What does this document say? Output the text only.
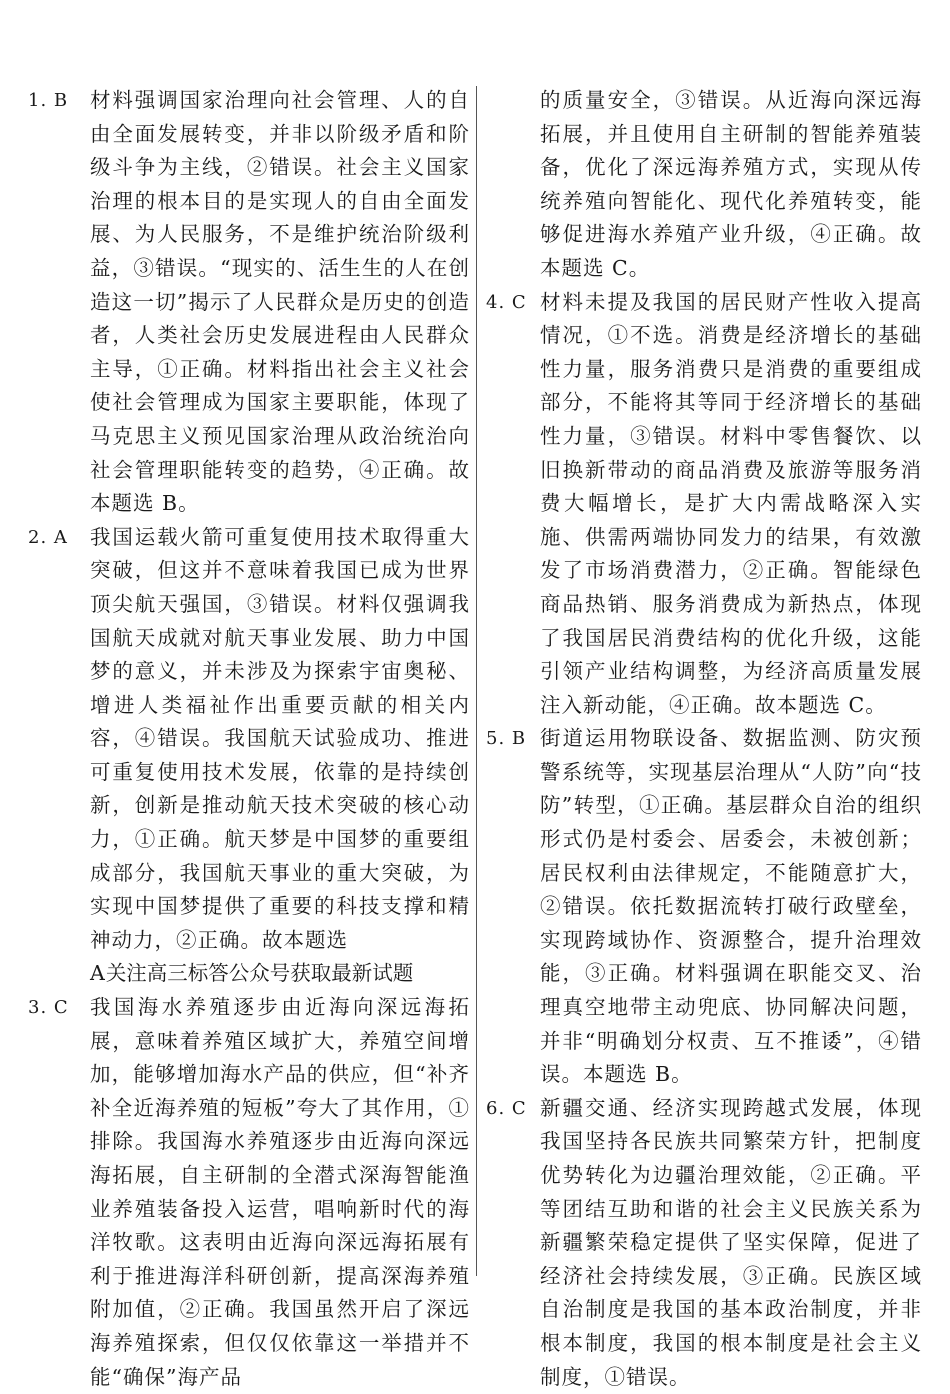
1. B 材料强调国家治理向社会管理、人的自由全面发展转变，并非以阶级矛盾和阶级斗争为主线，②错误。社会主义国家治理的根本目的是实现人的自由全面发展、为人民服务，不是维护统治阶级利益，③错误。“现实的、活生生的人在创造这一切”揭示了人民群众是历史的创造者，人类社会历史发展进程由人民群众主导，①正确。材料指出社会主义社会使社会管理成为国家主要职能，体现了马克思主义预见国家治理从政治统治向社会管理职能转变的趋势，④正确。故本题选 B。
2. A 我国运载火箭可重复使用技术取得重大突破，但这并不意味着我国已成为世界顶尖航天强国，③错误。材料仅强调我国航天成就对航天事业发展、助力中国梦的意义，并未涉及为探索宇宙奥秘、增进人类福祉作出重要贡献的相关内容，④错误。我国航天试验成功、推进可重复使用技术发展，依靠的是持续创新，创新是推动航天技术突破的核心动力，①正确。航天梦是中国梦的重要组成部分，我国航天事业的重大突破，为实现中国梦提供了重要的科技支撑和精神动力，②正确。故本题选
A关注高三标答公众号获取最新试题
3. C 我国海水养殖逐步由近海向深远海拓展，意味着养殖区域扩大，养殖空间增加，能够增加海水产品的供应，但“补齐补全近海养殖的短板”夸大了其作用，①排除。我国海水养殖逐步由近海向深远海拓展，自主研制的全潜式深海智能渔业养殖装备投入运营，唱响新时代的海洋牧歌。这表明由近海向深远海拓展有利于推进海洋科研创新，提高深海养殖附加值，②正确。我国虽然开启了深远海养殖探索，但仅仅依靠这一举措并不能“确保”海产品
的质量安全，③错误。从近海向深远海拓展，并且使用自主研制的智能养殖装备，优化了深远海养殖方式，实现从传统养殖向智能化、现代化养殖转变，能够促进海水养殖产业升级，④正确。故本题选 C。
4. C 材料未提及我国的居民财产性收入提高情况，①不选。消费是经济增长的基础性力量，服务消费只是消费的重要组成部分，不能将其等同于经济增长的基础性力量，③错误。材料中零售餐饮、以旧换新带动的商品消费及旅游等服务消费大幅增长，是扩大内需战略深入实施、供需两端协同发力的结果，有效激发了市场消费潜力，②正确。智能绿色商品热销、服务消费成为新热点，体现了我国居民消费结构的优化升级，这能引领产业结构调整，为经济高质量发展注入新动能，④正确。故本题选 C。
5. B 街道运用物联设备、数据监测、防灾预警系统等，实现基层治理从“人防”向“技防”转型，①正确。基层群众自治的组织形式仍是村委会、居委会，未被创新；居民权利由法律规定，不能随意扩大，②错误。依托数据流转打破行政壁垒，实现跨域协作、资源整合，提升治理效能，③正确。材料强调在职能交叉、治理真空地带主动兜底、协同解决问题，并非“明确划分权责、互不推诿”，④错误。本题选 B。
6. C 新疆交通、经济实现跨越式发展，体现我国坚持各民族共同繁荣方针，把制度优势转化为边疆治理效能，②正确。平等团结互助和谐的社会主义民族关系为新疆繁荣稳定提供了坚实保障，促进了经济社会持续发展，③正确。民族区域自治制度是我国的基本政治制度，并非根本制度，我国的根本制度是社会主义制度，①错误。
